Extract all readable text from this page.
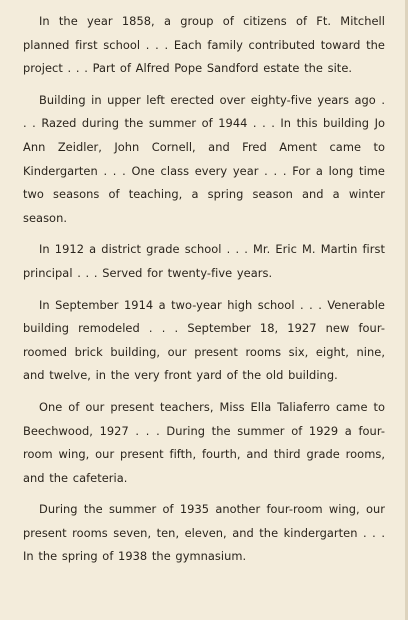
In the year 1858, a group of citizens of Ft. Mitchell planned first school . . . Each family contributed toward the project . . . Part of Alfred Pope Sandford estate the site.

Building in upper left erected over eighty-five years ago . . . Razed during the summer of 1944 . . . In this building Jo Ann Zeidler, John Cornell, and Fred Ament came to Kindergarten . . . One class every year . . . For a long time two seasons of teaching, a spring season and a winter season.

In 1912 a district grade school . . . Mr. Eric M. Martin first principal . . . Served for twenty-five years.

In September 1914 a two-year high school . . . Venerable building remodeled . . . September 18, 1927 new four-roomed brick building, our present rooms six, eight, nine, and twelve, in the very front yard of the old building.

One of our present teachers, Miss Ella Taliaferro came to Beechwood, 1927 . . . During the summer of 1929 a four-room wing, our present fifth, fourth, and third grade rooms, and the cafeteria.

During the summer of 1935 another four-room wing, our present rooms seven, ten, eleven, and the kindergarten . . . In the spring of 1938 the gymnasium.
